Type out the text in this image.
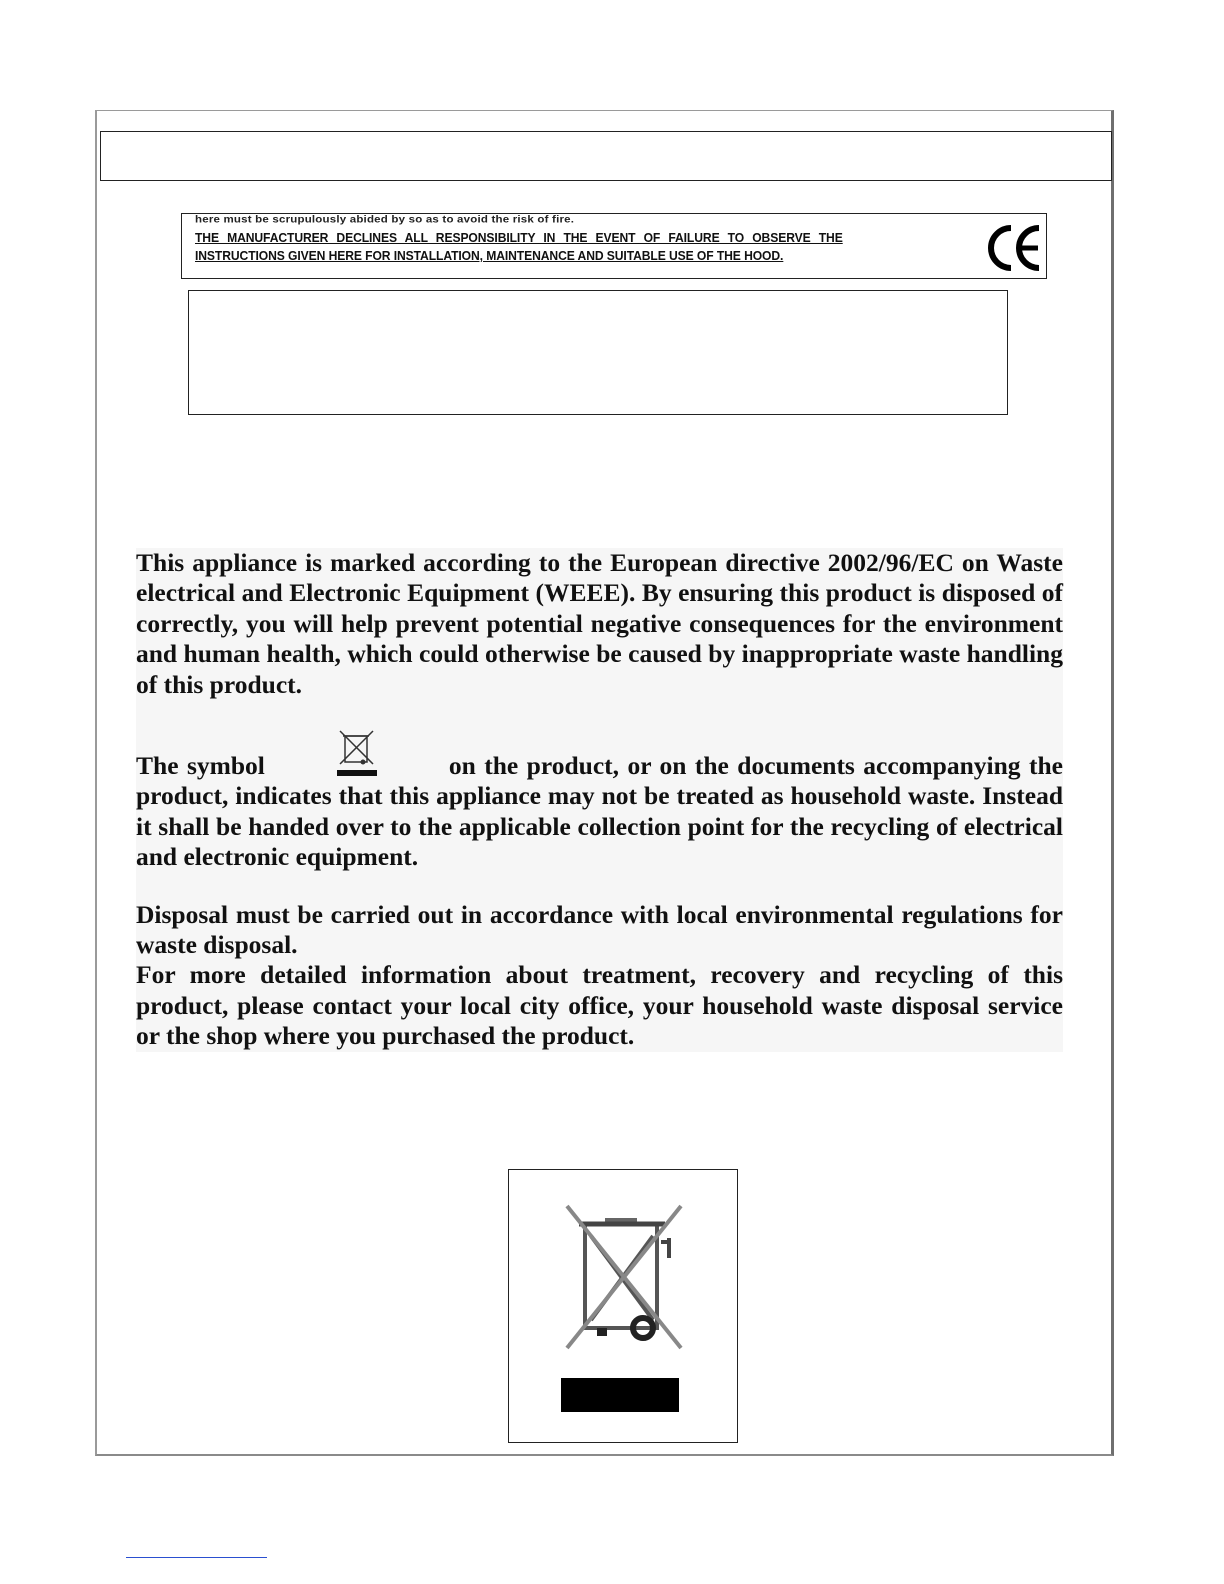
here must be scrupulously abided by so as to avoid the risk of fire.
THE MANUFACTURER DECLINES ALL RESPONSIBILITY IN THE EVENT OF FAILURE TO OBSERVE THE
INSTRUCTIONS GIVEN HERE FOR INSTALLATION, MAINTENANCE AND SUITABLE USE OF THE HOOD.

This appliance is marked according to the European directive 2002/96/EC on Waste electrical and Electronic Equipment (WEEE). By ensuring this product is disposed of correctly, you will help prevent potential negative consequences for the environment and human health, which could otherwise be caused by inappropriate waste handling of this product.

The symbol	on the product, or on the documents accompanying the product, indicates that this appliance may not be treated as household waste. Instead it shall be handed over to the applicable collection point for the recycling of electrical and electronic equipment.

Disposal must be carried out in accordance with local environmental regulations for waste disposal.

For more detailed information about treatment, recovery and recycling of this product, please contact your local city office, your household waste disposal service or the shop where you purchased the product.
